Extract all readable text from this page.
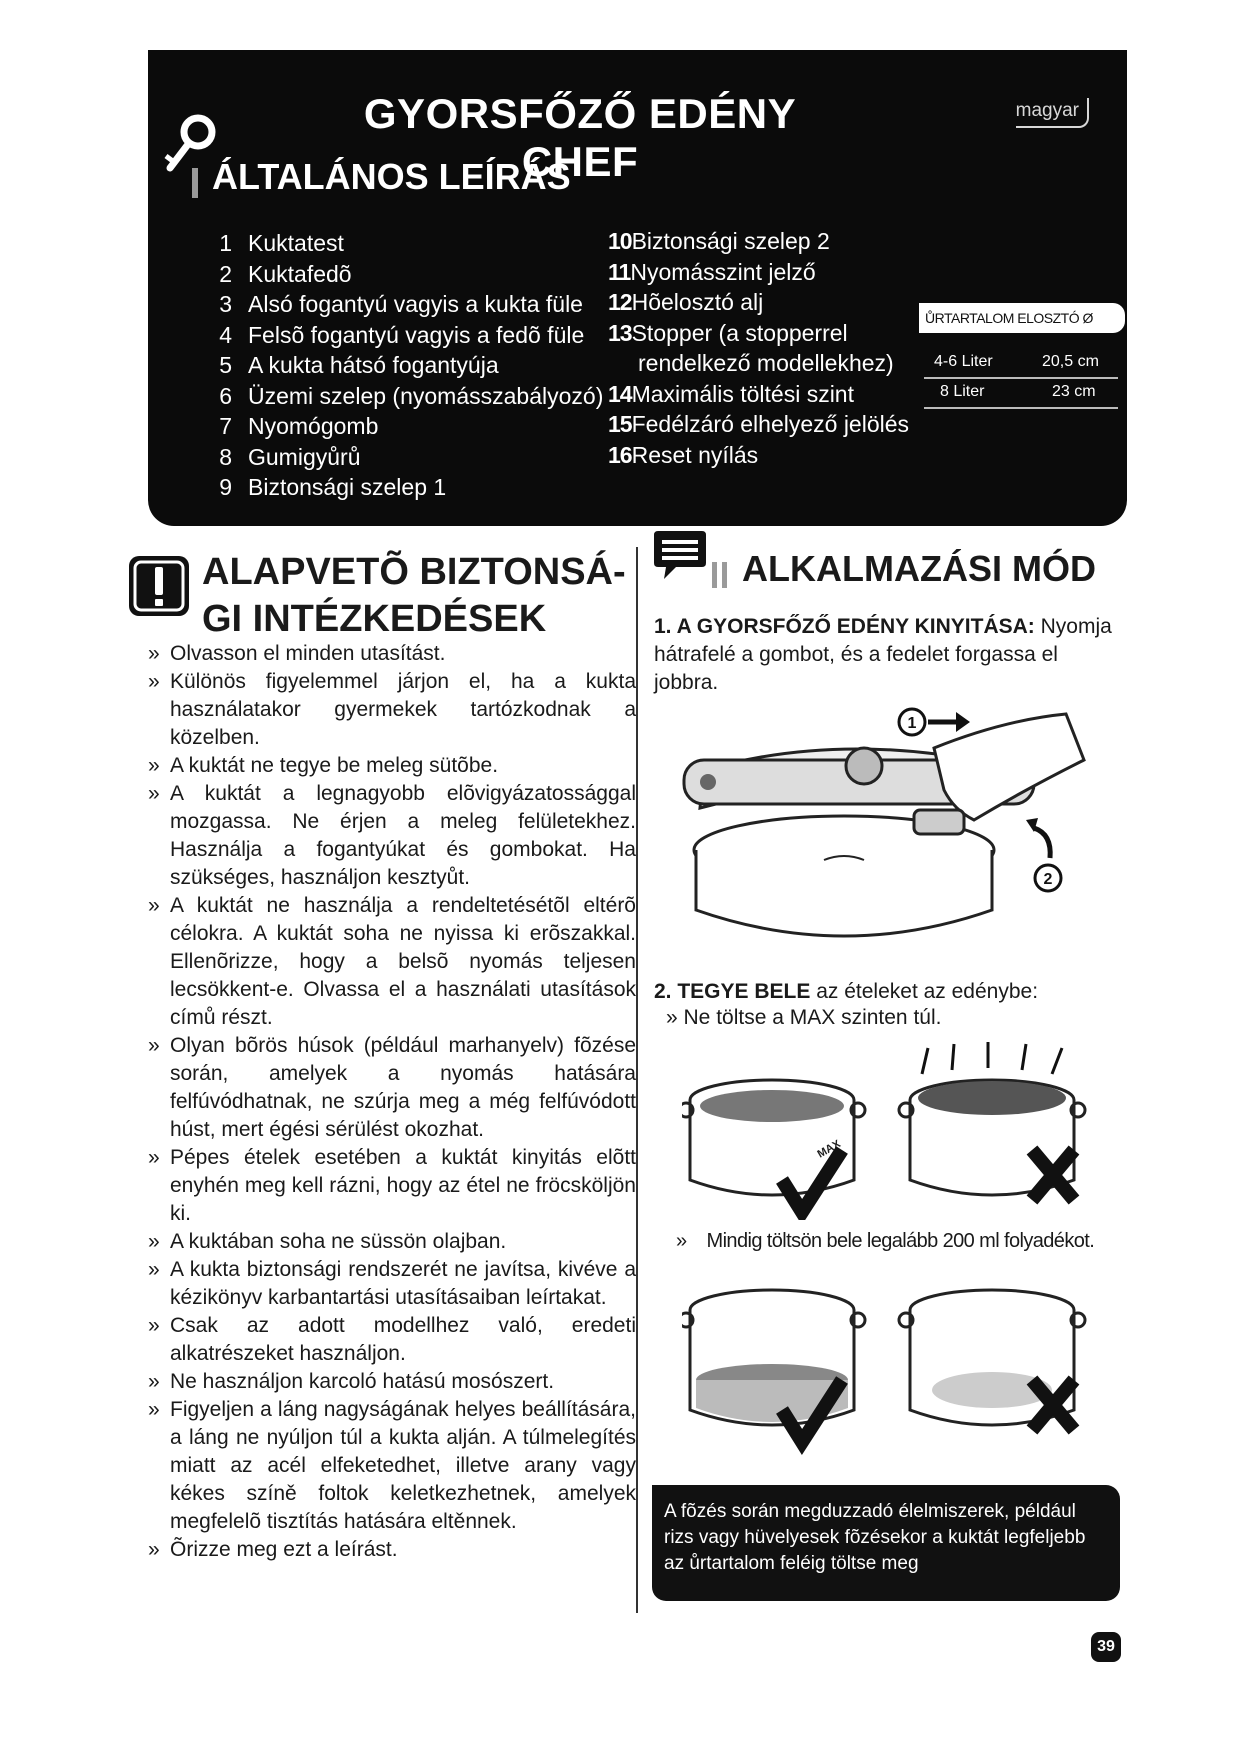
GYORSFŐZŐ EDÉNY CHEF
magyar
ÁLTALÁNOS LEÍRÁS
1 Kuktatest
2 Kuktafedõ
3 Alsó fogantyú vagyis a kukta füle
4 Felsõ fogantyú vagyis a fedõ füle
5 A kukta hátsó fogantyúja
6 Üzemi szelep (nyomásszabályozó)
7 Nyomógomb
8 Gumigyůrů
9 Biztonsági szelep 1
10Biztonsági szelep 2
11Nyomásszint jelző
12Hõelosztó alj
13Stopper (a stopperrel
rendelkező modellekhez)
14Maximális töltési szint
15Fedélzáró elhelyező jelölés
16Reset nyílás
ŮRTARTALOM ELOSZTÓ Ø
4-6 Liter	20,5 cm
8 Liter	23 cm
ALAPVETÕ BIZTONSÁ-
GI INTÉZKEDÉSEK
» Olvasson el minden utasítást.
» Különös figyelemmel járjon el, ha a kukta használatakor gyermekek tartózkodnak a közelben.
» A kuktát ne tegye be meleg sütõbe.
» A kuktát a legnagyobb elõvigyázatossággal mozgassa. Ne érjen a meleg felületekhez. Használja a fogantyúkat és gombokat. Ha szükséges, használjon kesztyůt.
» A kuktát ne használja a rendeltetésétõl eltérõ célokra. A kuktát soha ne nyissa ki erõszakkal. Ellenõrizze, hogy a belsõ nyomás teljesen lecsökkent-e. Olvassa el a használati utasítások címů részt.
» Olyan bõrös húsok (például marhanyelv) fõzése során, amelyek a nyomás hatására felfúvódhatnak, ne szúrja meg a még felfúvódott húst, mert égési sérülést okozhat.
» Pépes ételek esetében a kuktát kinyitás elõtt enyhén meg kell rázni, hogy az étel ne fröcsköljön ki.
» A kuktában soha ne süssön olajban.
» A kukta biztonsági rendszerét ne javítsa, kivéve a kézikönyv karbantartási utasításaiban leírtakat.
» Csak az adott modellhez való, eredeti alkatrészeket használjon.
» Ne használjon karcoló hatású mosószert.
» Figyeljen a láng nagyságának helyes beállítására, a láng ne nyúljon túl a kukta alján. A túlmelegítés miatt az acél elfeketedhet, illetve arany vagy kékes színě foltok keletkezhetnek, amelyek megfelelõ tisztítás hatására eltěnnek.
» Õrizze meg ezt a leírást.
ALKALMAZÁSI MÓD
1. A GYORSFŐZŐ EDÉNY KINYITÁSA: Nyomja hátrafelé a gombot, és a fedelet forgassa el jobbra.
1
2
2. TEGYE BELE az ételeket az edénybe:
» Ne töltse a MAX szinten túl.
MAX
» Mindig töltsön bele legalább 200 ml folyadékot.
A fõzés során megduzzadó élelmiszerek, például rizs vagy hüvelyesek fõzésekor a kuktát legfeljebb az ůrtartalom feléig töltse meg
39
